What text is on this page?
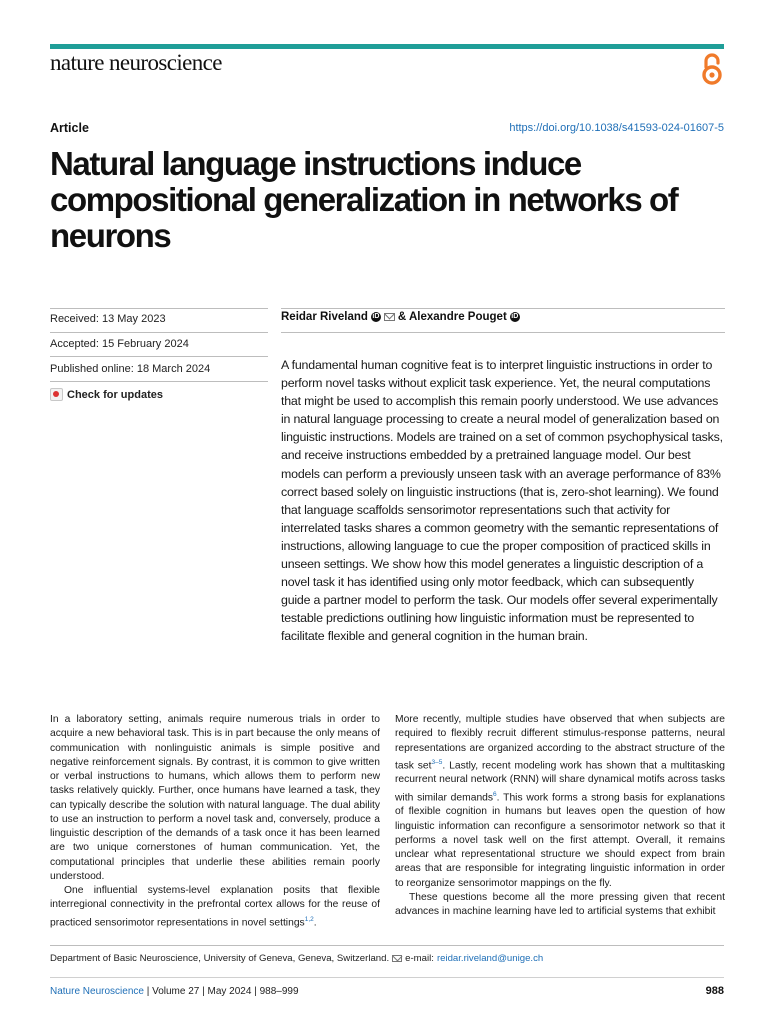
nature neuroscience
Article	https://doi.org/10.1038/s41593-024-01607-5
Natural language instructions induce compositional generalization in networks of neurons
Received: 13 May 2023
Accepted: 15 February 2024
Published online: 18 March 2024
Check for updates
Reidar Riveland iD & Alexandre Pouget iD

A fundamental human cognitive feat is to interpret linguistic instructions in order to perform novel tasks without explicit task experience. Yet, the neural computations that might be used to accomplish this remain poorly understood. We use advances in natural language processing to create a neural model of generalization based on linguistic instructions. Models are trained on a set of common psychophysical tasks, and receive instructions embedded by a pretrained language model. Our best models can perform a previously unseen task with an average performance of 83% correct based solely on linguistic instructions (that is, zero-shot learning). We found that language scaffolds sensorimotor representations such that activity for interrelated tasks shares a common geometry with the semantic representations of instructions, allowing language to cue the proper composition of practiced skills in unseen settings. We show how this model generates a linguistic description of a novel task it has identified using only motor feedback, which can subsequently guide a partner model to perform the task. Our models offer several experimentally testable predictions outlining how linguistic information must be represented to facilitate flexible and general cognition in the human brain.

In a laboratory setting, animals require numerous trials in order to acquire a new behavioral task. This is in part because the only means of communication with nonlinguistic animals is simple positive and negative reinforcement signals. By contrast, it is common to give written or verbal instructions to humans, which allows them to perform new tasks relatively quickly. Further, once humans have learned a task, they can typically describe the solution with natural language. The dual ability to use an instruction to perform a novel task and, conversely, produce a linguistic description of the demands of a task once it has been learned are two unique cornerstones of human communication. Yet, the computational principles that underlie these abilities remain poorly understood.

One influential systems-level explanation posits that flexible interregional connectivity in the prefrontal cortex allows for the reuse of practiced sensorimotor representations in novel settings$^{1,2}$.

More recently, multiple studies have observed that when subjects are required to flexibly recruit different stimulus-response patterns, neural representations are organized according to the abstract structure of the task set$^{3-5}$. Lastly, recent modeling work has shown that a multitasking recurrent neural network (RNN) will share dynamical motifs across tasks with similar demands$^6$. This work forms a strong basis for explanations of flexible cognition in humans but leaves open the question of how linguistic information can reconfigure a sensorimotor network so that it performs a novel task well on the first attempt. Overall, it remains unclear what representational structure we should expect from brain areas that are responsible for integrating linguistic information in order to reorganize sensorimotor mappings on the fly.

These questions become all the more pressing given that recent advances in machine learning have led to artificial systems that exhibit

Department of Basic Neuroscience, University of Geneva, Geneva, Switzerland. e-mail: reidar.riveland@unige.ch
Nature Neuroscience | Volume 27 | May 2024 | 988–999	988
